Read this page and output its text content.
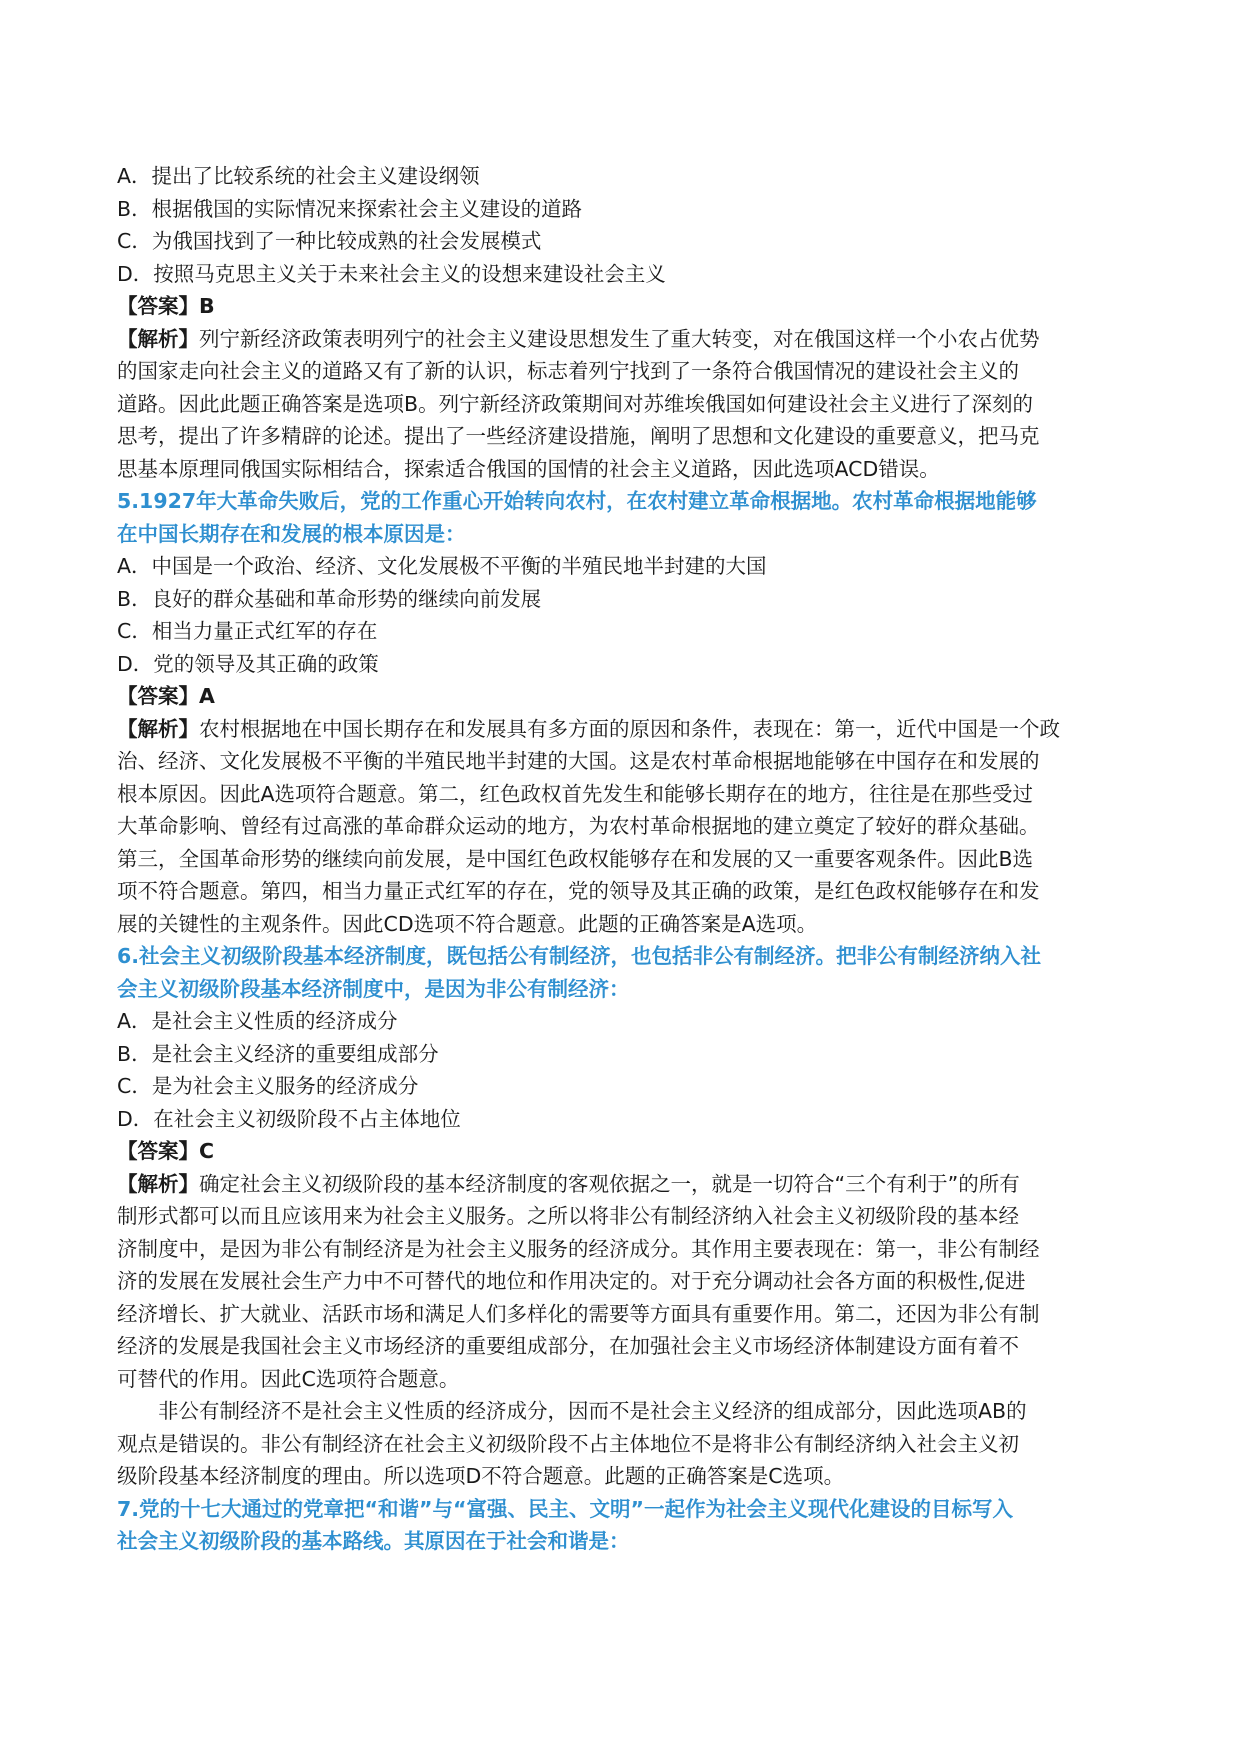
A．提出了比较系统的社会主义建设纲领

B．根据俄国的实际情况来探索社会主义建设的道路

C．为俄国找到了一种比较成熟的社会发展模式

D．按照马克思主义关于未来社会主义的设想来建设社会主义

【答案】B

【解析】列宁新经济政策表明列宁的社会主义建设思想发生了重大转变，对在俄国这样一个小农占优势

的国家走向社会主义的道路又有了新的认识，标志着列宁找到了一条符合俄国情况的建设社会主义的

道路。因此此题正确答案是选项B。列宁新经济政策期间对苏维埃俄国如何建设社会主义进行了深刻的

思考，提出了许多精辟的论述。提出了一些经济建设措施，阐明了思想和文化建设的重要意义，把马克

思基本原理同俄国实际相结合，探索适合俄国的国情的社会主义道路，因此选项ACD错误。

5.1927年大革命失败后，党的工作重心开始转向农村，在农村建立革命根据地。农村革命根据地能够

在中国长期存在和发展的根本原因是：

A．中国是一个政治、经济、文化发展极不平衡的半殖民地半封建的大国

B．良好的群众基础和革命形势的继续向前发展

C．相当力量正式红军的存在

D．党的领导及其正确的政策

【答案】A

【解析】农村根据地在中国长期存在和发展具有多方面的原因和条件，表现在：第一，近代中国是一个政

治、经济、文化发展极不平衡的半殖民地半封建的大国。这是农村革命根据地能够在中国存在和发展的

根本原因。因此A选项符合题意。第二，红色政权首先发生和能够长期存在的地方，往往是在那些受过

大革命影响、曾经有过高涨的革命群众运动的地方，为农村革命根据地的建立奠定了较好的群众基础。

第三，全国革命形势的继续向前发展，是中国红色政权能够存在和发展的又一重要客观条件。因此B选

项不符合题意。第四，相当力量正式红军的存在，党的领导及其正确的政策，是红色政权能够存在和发

展的关键性的主观条件。因此CD选项不符合题意。此题的正确答案是A选项。

6.社会主义初级阶段基本经济制度，既包括公有制经济，也包括非公有制经济。把非公有制经济纳入社

会主义初级阶段基本经济制度中，是因为非公有制经济：

A．是社会主义性质的经济成分

B．是社会主义经济的重要组成部分

C．是为社会主义服务的经济成分

D．在社会主义初级阶段不占主体地位

【答案】C

【解析】确定社会主义初级阶段的基本经济制度的客观依据之一，就是一切符合“三个有利于”的所有

制形式都可以而且应该用来为社会主义服务。之所以将非公有制经济纳入社会主义初级阶段的基本经

济制度中，是因为非公有制经济是为社会主义服务的经济成分。其作用主要表现在：第一，非公有制经

济的发展在发展社会生产力中不可替代的地位和作用决定的。对于充分调动社会各方面的积极性,促进

经济增长、扩大就业、活跃市场和满足人们多样化的需要等方面具有重要作用。第二，还因为非公有制

经济的发展是我国社会主义市场经济的重要组成部分，在加强社会主义市场经济体制建设方面有着不

可替代的作用。因此C选项符合题意。

非公有制经济不是社会主义性质的经济成分，因而不是社会主义经济的组成部分，因此选项AB的

观点是错误的。非公有制经济在社会主义初级阶段不占主体地位不是将非公有制经济纳入社会主义初

级阶段基本经济制度的理由。所以选项D不符合题意。此题的正确答案是C选项。

7.党的十七大通过的党章把“和谐”与“富强、民主、文明”一起作为社会主义现代化建设的目标写入

社会主义初级阶段的基本路线。其原因在于社会和谐是：
